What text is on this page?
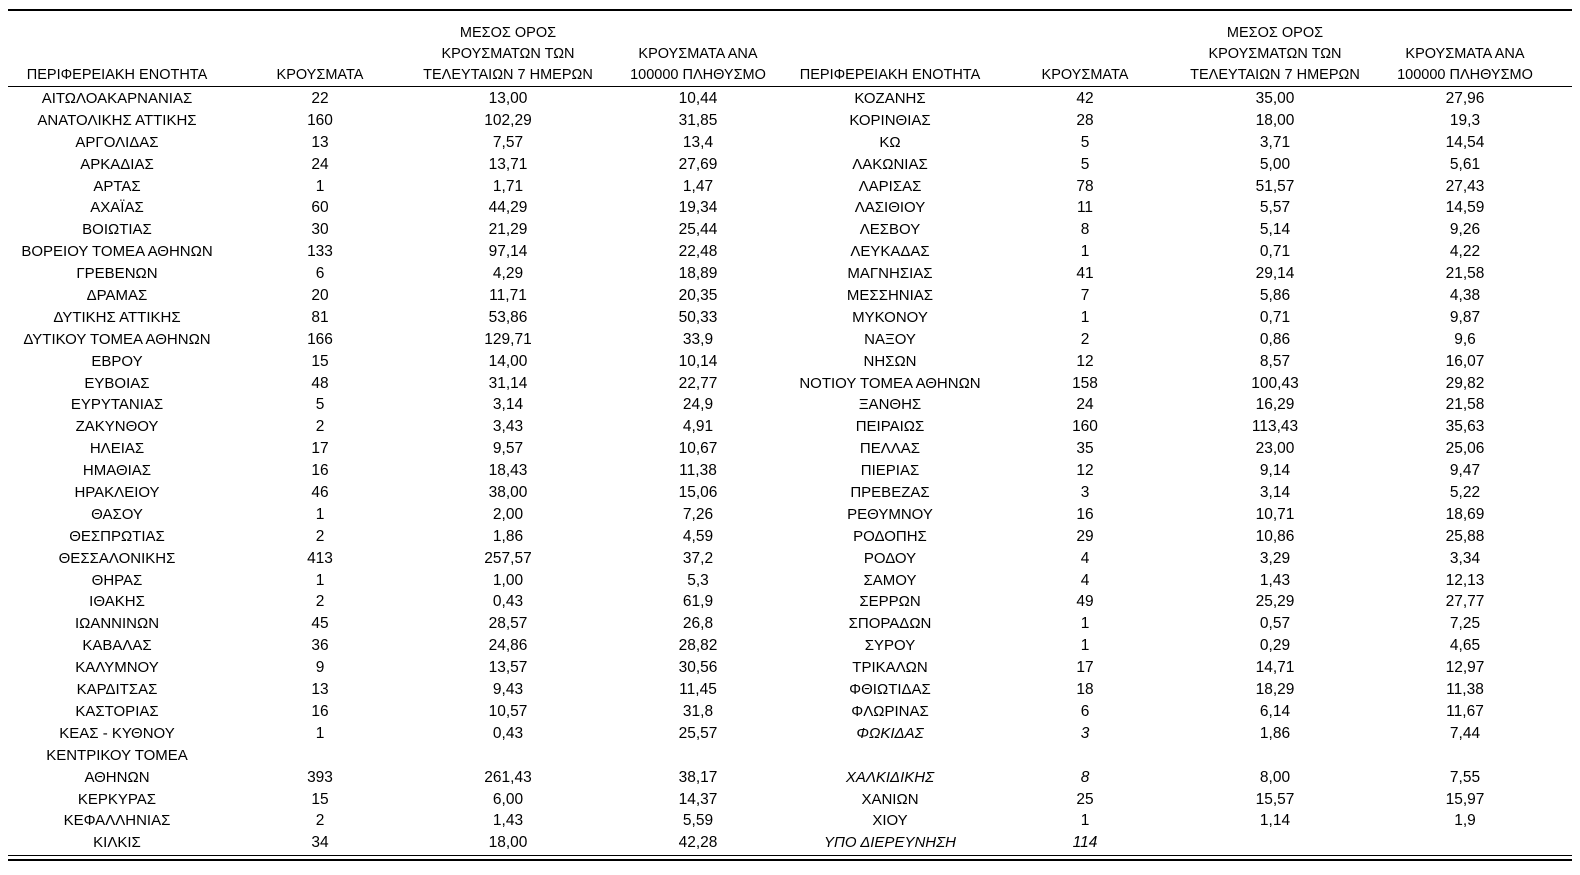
ΠΕΡΙΦΕΡΕΙΑΚΗ ΕΝΟΤΗΤΑ	ΚΡΟΥΣΜΑΤΑ
ΜΕΣΟΣ ΟΡΟΣ
ΚΡΟΥΣΜΑΤΩΝ ΤΩΝ
ΤΕΛΕΥΤΑΙΩΝ 7 ΗΜΕΡΩΝ
ΚΡΟΥΣΜΑΤΑ ΑΝΑ
100000 ΠΛΗΘΥΣΜΟ
ΑΙΤΩΛΟΑΚΑΡΝΑΝΙΑΣ	22	13,00	10,44
ΑΝΑΤΟΛΙΚΗΣ ΑΤΤΙΚΗΣ	160	102,29	31,85
ΑΡΓΟΛΙΔΑΣ	13	7,57	13,4
ΑΡΚΑΔΙΑΣ	24	13,71	27,69
ΑΡΤΑΣ	1	1,71	1,47
ΑΧΑΪΑΣ	60	44,29	19,34
ΒΟΙΩΤΙΑΣ	30	21,29	25,44
ΒΟΡΕΙΟΥ ΤΟΜΕΑ ΑΘΗΝΩΝ	133	97,14	22,48
ΓΡΕΒΕΝΩΝ	6	4,29	18,89
ΔΡΑΜΑΣ	20	11,71	20,35
ΔΥΤΙΚΗΣ ΑΤΤΙΚΗΣ	81	53,86	50,33
ΔΥΤΙΚΟΥ ΤΟΜΕΑ ΑΘΗΝΩΝ	166	129,71	33,9
ΕΒΡΟΥ	15	14,00	10,14
ΕΥΒΟΙΑΣ	48	31,14	22,77
ΕΥΡΥΤΑΝΙΑΣ	5	3,14	24,9
ΖΑΚΥΝΘΟΥ	2	3,43	4,91
ΗΛΕΙΑΣ	17	9,57	10,67
ΗΜΑΘΙΑΣ	16	18,43	11,38
ΗΡΑΚΛΕΙΟΥ	46	38,00	15,06
ΘΑΣΟΥ	1	2,00	7,26
ΘΕΣΠΡΩΤΙΑΣ	2	1,86	4,59
ΘΕΣΣΑΛΟΝΙΚΗΣ	413	257,57	37,2
ΘΗΡΑΣ	1	1,00	5,3
ΙΘΑΚΗΣ	2	0,43	61,9
ΙΩΑΝΝΙΝΩΝ	45	28,57	26,8
ΚΑΒΑΛΑΣ	36	24,86	28,82
ΚΑΛΥΜΝΟΥ	9	13,57	30,56
ΚΑΡΔΙΤΣΑΣ	13	9,43	11,45
ΚΑΣΤΟΡΙΑΣ	16	10,57	31,8
ΚΕΑΣ - ΚΥΘΝΟΥ	1	0,43	25,57
ΚΕΝΤΡΙΚΟΥ ΤΟΜΕΑ
ΑΘΗΝΩΝ	393	261,43	38,17
ΚΕΡΚΥΡΑΣ	15	6,00	14,37
ΚΕΦΑΛΛΗΝΙΑΣ	2	1,43	5,59
ΚΙΛΚΙΣ	34	18,00	42,28
ΠΕΡΙΦΕΡΕΙΑΚΗ ΕΝΟΤΗΤΑ	ΚΡΟΥΣΜΑΤΑ
ΜΕΣΟΣ ΟΡΟΣ
ΚΡΟΥΣΜΑΤΩΝ ΤΩΝ
ΤΕΛΕΥΤΑΙΩΝ 7 ΗΜΕΡΩΝ
ΚΡΟΥΣΜΑΤΑ ΑΝΑ
100000 ΠΛΗΘΥΣΜΟ
ΚΟΖΑΝΗΣ	42	35,00	27,96
ΚΟΡΙΝΘΙΑΣ	28	18,00	19,3
ΚΩ	5	3,71	14,54
ΛΑΚΩΝΙΑΣ	5	5,00	5,61
ΛΑΡΙΣΑΣ	78	51,57	27,43
ΛΑΣΙΘΙΟΥ	11	5,57	14,59
ΛΕΣΒΟΥ	8	5,14	9,26
ΛΕΥΚΑΔΑΣ	1	0,71	4,22
ΜΑΓΝΗΣΙΑΣ	41	29,14	21,58
ΜΕΣΣΗΝΙΑΣ	7	5,86	4,38
ΜΥΚΟΝΟΥ	1	0,71	9,87
ΝΑΞΟΥ	2	0,86	9,6
ΝΗΣΩΝ	12	8,57	16,07
ΝΟΤΙΟΥ ΤΟΜΕΑ ΑΘΗΝΩΝ	158	100,43	29,82
ΞΑΝΘΗΣ	24	16,29	21,58
ΠΕΙΡΑΙΩΣ	160	113,43	35,63
ΠΕΛΛΑΣ	35	23,00	25,06
ΠΙΕΡΙΑΣ	12	9,14	9,47
ΠΡΕΒΕΖΑΣ	3	3,14	5,22
ΡΕΘΥΜΝΟΥ	16	10,71	18,69
ΡΟΔΟΠΗΣ	29	10,86	25,88
ΡΟΔΟΥ	4	3,29	3,34
ΣΑΜΟΥ	4	1,43	12,13
ΣΕΡΡΩΝ	49	25,29	27,77
ΣΠΟΡΑΔΩΝ	1	0,57	7,25
ΣΥΡΟΥ	1	0,29	4,65
ΤΡΙΚΑΛΩΝ	17	14,71	12,97
ΦΘΙΩΤΙΔΑΣ	18	18,29	11,38
ΦΛΩΡΙΝΑΣ	6	6,14	11,67
ΦΩΚΙΔΑΣ	3	1,86	7,44
ΧΑΛΚΙΔΙΚΗΣ	8	8,00	7,55
ΧΑΝΙΩΝ	25	15,57	15,97
ΧΙΟΥ	1	1,14	1,9
ΥΠΟ ΔΙΕΡΕΥΝΗΣΗ	114
